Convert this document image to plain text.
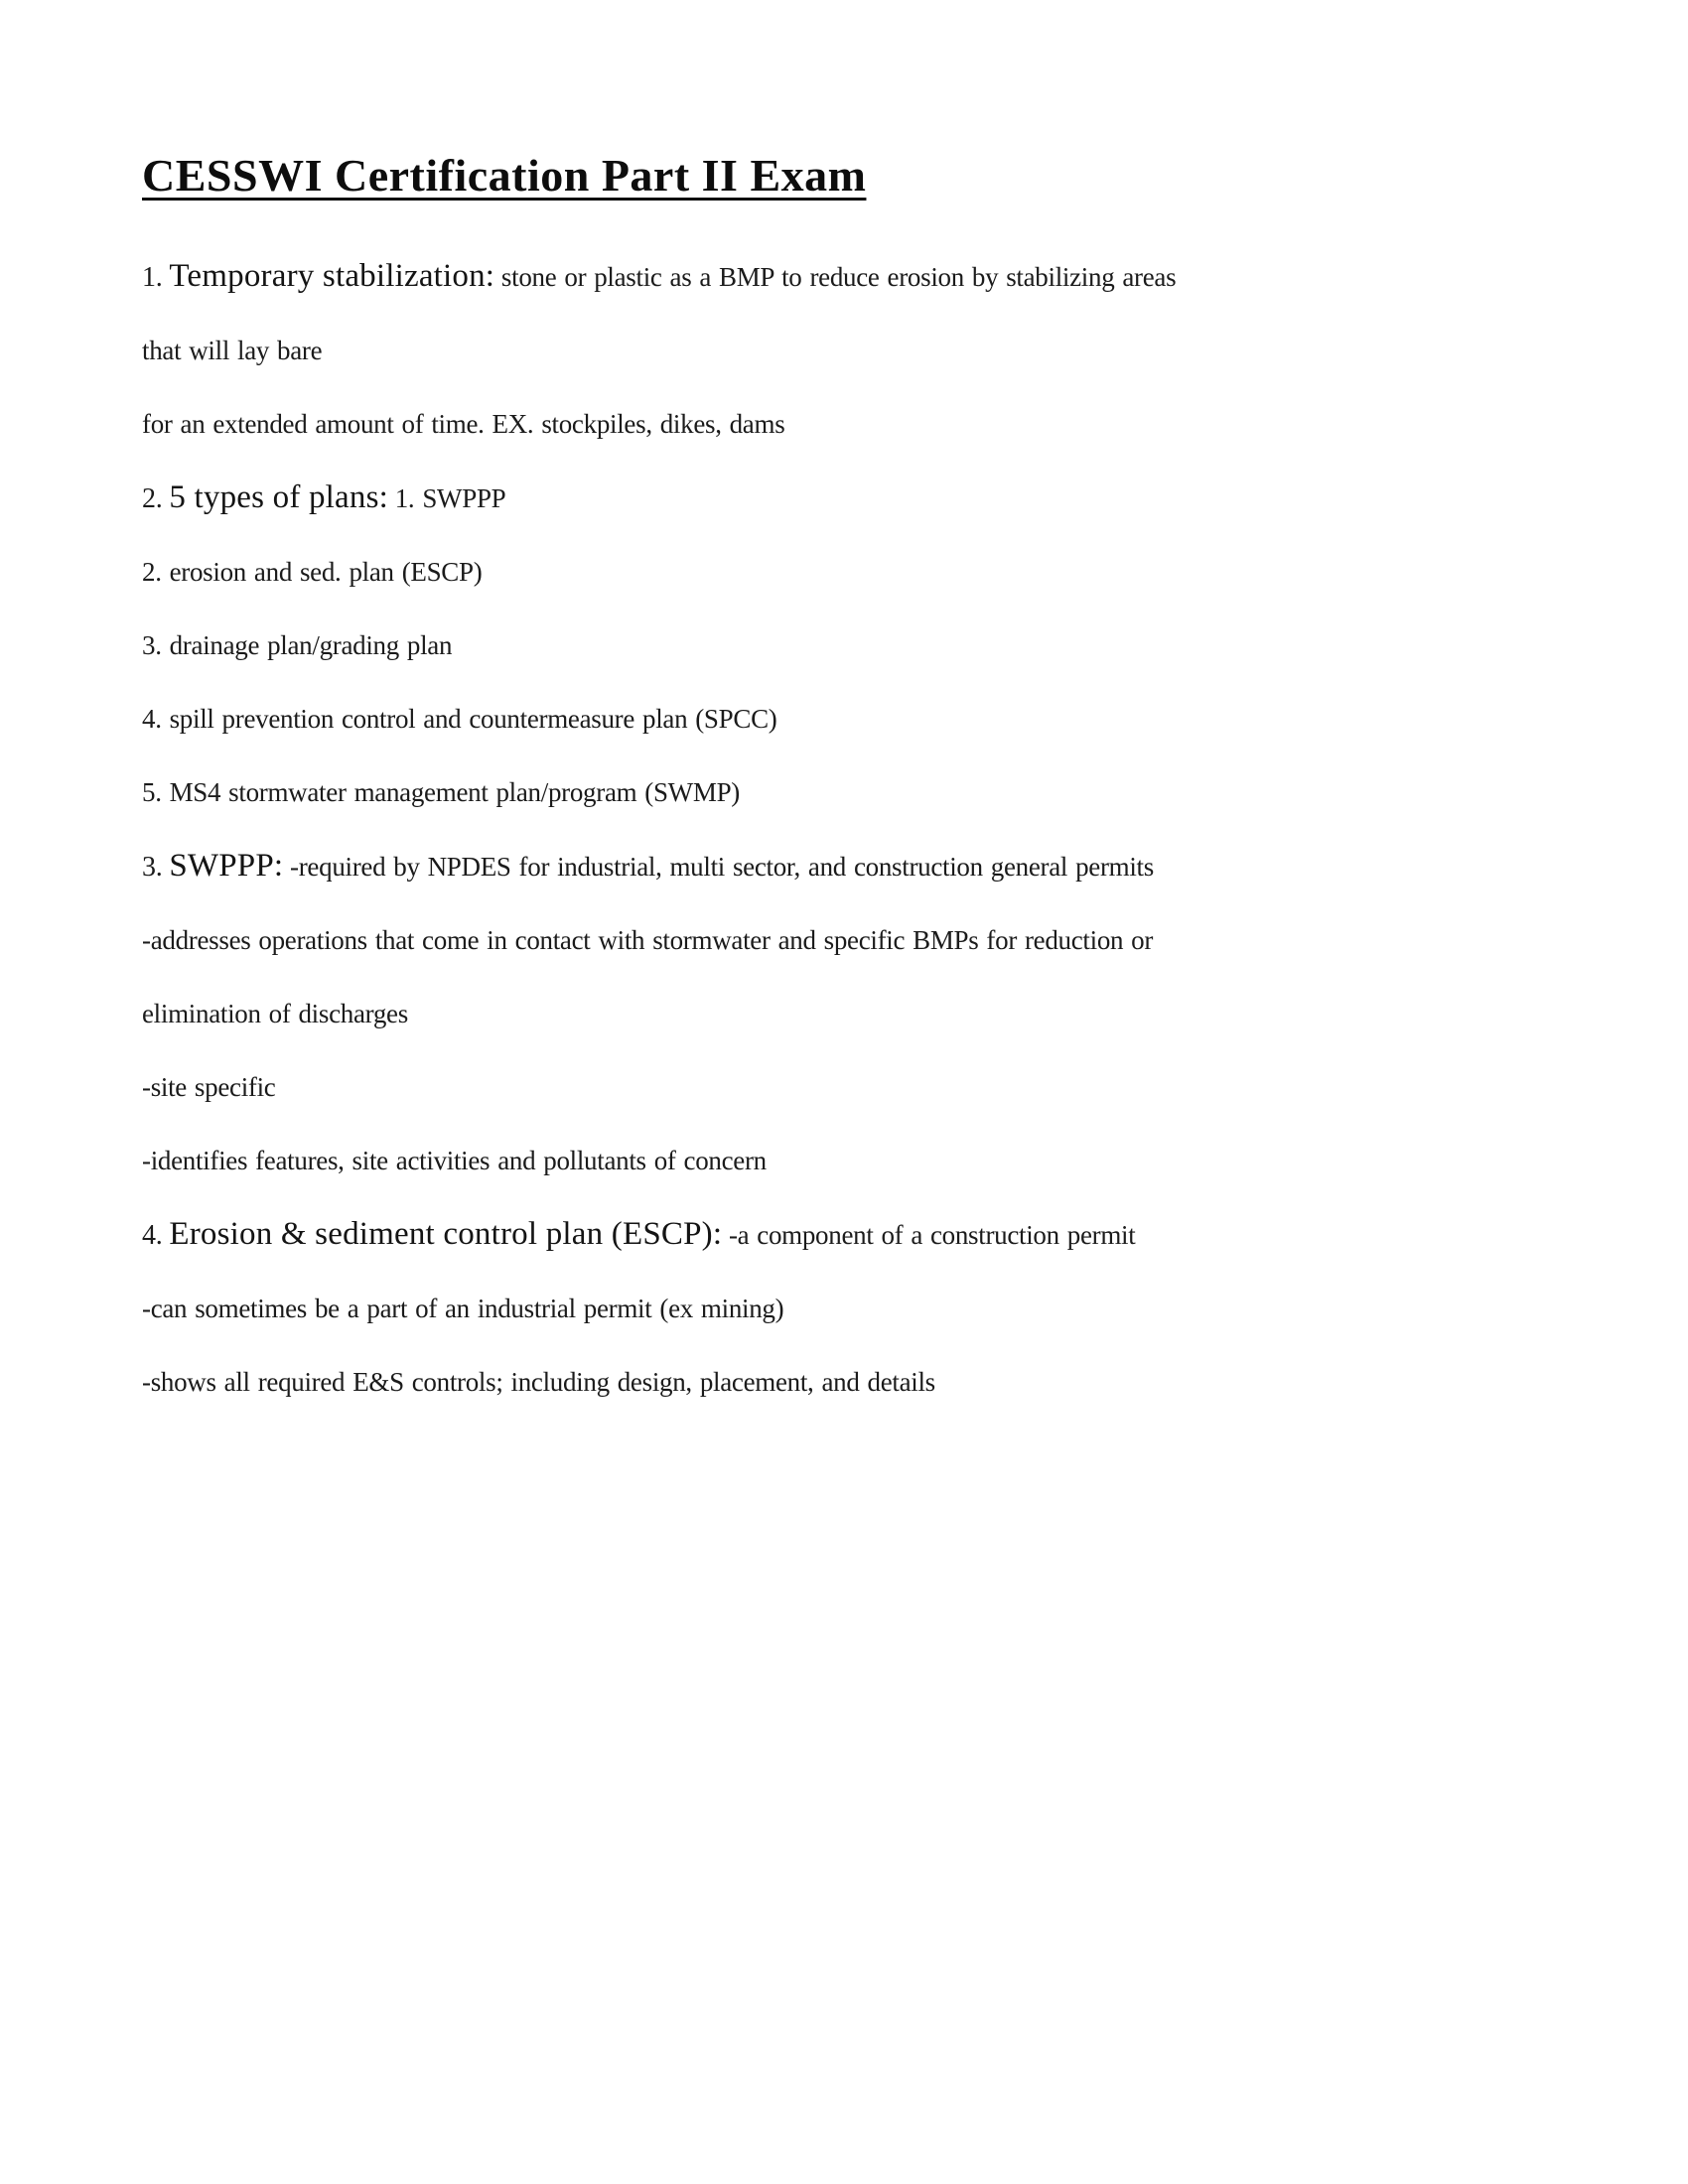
CESSWI Certification Part II Exam

1. Temporary stabilization: stone or plastic as a BMP to reduce erosion by stabilizing areas

that will lay bare

for an extended amount of time. EX. stockpiles, dikes, dams

2. 5 types of plans: 1. SWPPP

2. erosion and sed. plan (ESCP)

3. drainage plan/grading plan

4. spill prevention control and countermeasure plan (SPCC)

5. MS4 stormwater management plan/program (SWMP)

3. SWPPP: -required by NPDES for industrial, multi sector, and construction general permits

-addresses operations that come in contact with stormwater and specific BMPs for reduction or

elimination of discharges

-site specific

-identifies features, site activities and pollutants of concern

4. Erosion & sediment control plan (ESCP): -a component of a construction permit

-can sometimes be a part of an industrial permit (ex mining)

-shows all required E&S controls; including design, placement, and details
